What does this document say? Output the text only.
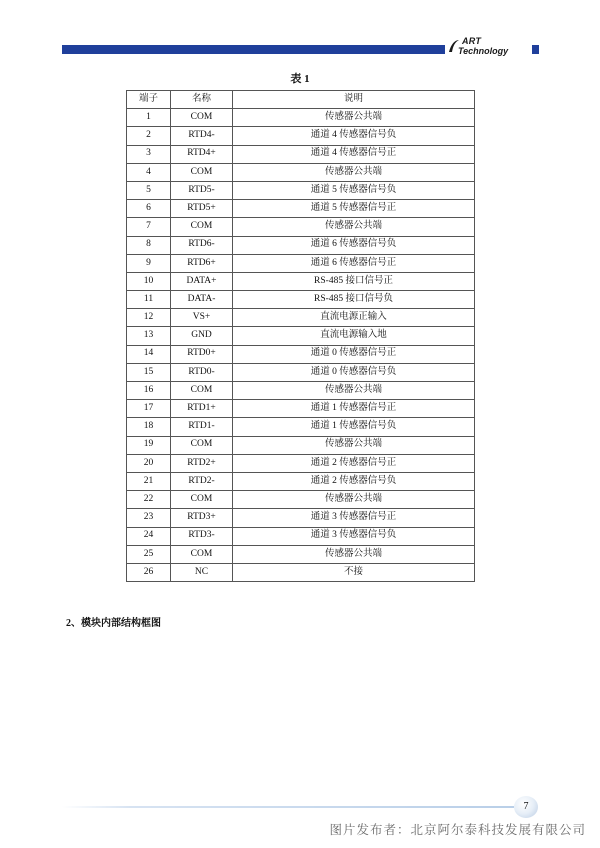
ART
Technology
表 1
端子	名称	说明
1	COM	传感器公共端
2	RTD4-	通道 4 传感器信号负
3	RTD4+	通道 4 传感器信号正
4	COM	传感器公共端
5	RTD5-	通道 5 传感器信号负
6	RTD5+	通道 5 传感器信号正
7	COM	传感器公共端
8	RTD6-	通道 6 传感器信号负
9	RTD6+	通道 6 传感器信号正
10	DATA+	RS-485 接口信号正
11	DATA-	RS-485 接口信号负
12	VS+	直流电源正输入
13	GND	直流电源输入地
14	RTD0+	通道 0 传感器信号正
15	RTD0-	通道 0 传感器信号负
16	COM	传感器公共端
17	RTD1+	通道 1 传感器信号正
18	RTD1-	通道 1 传感器信号负
19	COM	传感器公共端
20	RTD2+	通道 2 传感器信号正
21	RTD2-	通道 2 传感器信号负
22	COM	传感器公共端
23	RTD3+	通道 3 传感器信号正
24	RTD3-	通道 3 传感器信号负
25	COM	传感器公共端
26	NC	不接
2、模块内部结构框图
7
图片发布者：北京阿尔泰科技发展有限公司
